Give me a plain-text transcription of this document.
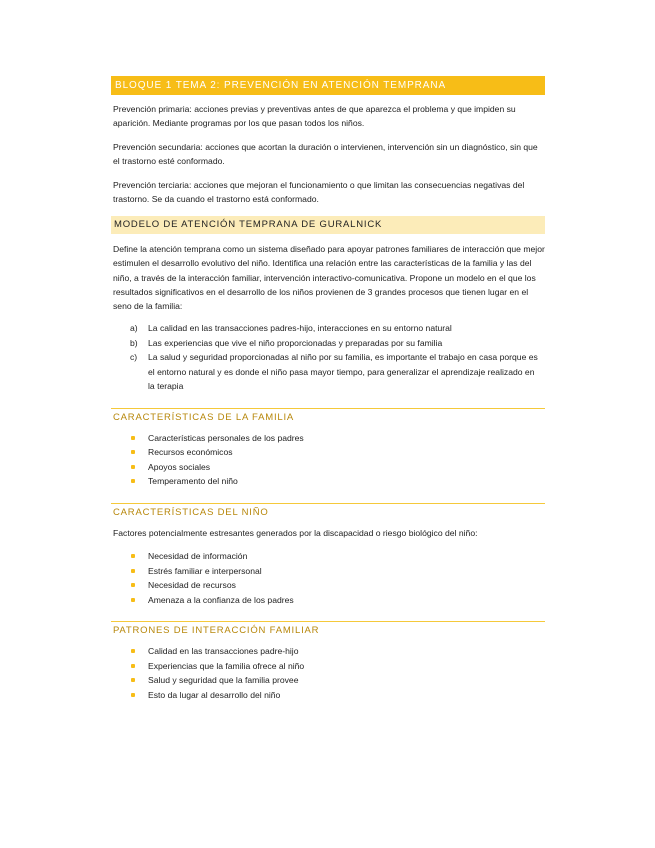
BLOQUE 1 TEMA 2: PREVENCIÓN EN ATENCIÓN TEMPRANA

Prevención primaria: acciones previas y preventivas antes de que aparezca el problema y que impiden su aparición. Mediante programas por los que pasan todos los niños.

Prevención secundaria: acciones que acortan la duración o intervienen, intervención sin un diagnóstico, sin que el trastorno esté conformado.

Prevención terciaria: acciones que mejoran el funcionamiento o que limitan las consecuencias negativas del trastorno. Se da cuando el trastorno está conformado.

MODELO DE ATENCIÓN TEMPRANA DE GURALNICK

Define la atención temprana como un sistema diseñado para apoyar patrones familiares de interacción que mejor estimulen el desarrollo evolutivo del niño. Identifica una relación entre las características de la familia y las del niño, a través de la interacción familiar, intervención interactivo-comunicativa. Propone un modelo en el que los resultados significativos en el desarrollo de los niños provienen de 3 grandes procesos que tienen lugar en el seno de la familia:

a) La calidad en las transacciones padres-hijo, interacciones en su entorno natural
b) Las experiencias que vive el niño proporcionadas y preparadas por su familia
c) La salud y seguridad proporcionadas al niño por su familia, es importante el trabajo en casa porque es el entorno natural y es donde el niño pasa mayor tiempo, para generalizar el aprendizaje realizado en la terapia
CARACTERÍSTICAS DE LA FAMILIA
Características personales de los padres
Recursos económicos
Apoyos sociales
Temperamento del niño
CARACTERÍSTICAS DEL NIÑO

Factores potencialmente estresantes generados por la discapacidad o riesgo biológico del niño:

Necesidad de información
Estrés familiar e interpersonal
Necesidad de recursos
Amenaza a la confianza de los padres
PATRONES DE INTERACCIÓN FAMILIAR
Calidad en las transacciones padre-hijo
Experiencias que la familia ofrece al niño
Salud y seguridad que la familia provee
Esto da lugar al desarrollo del niño
